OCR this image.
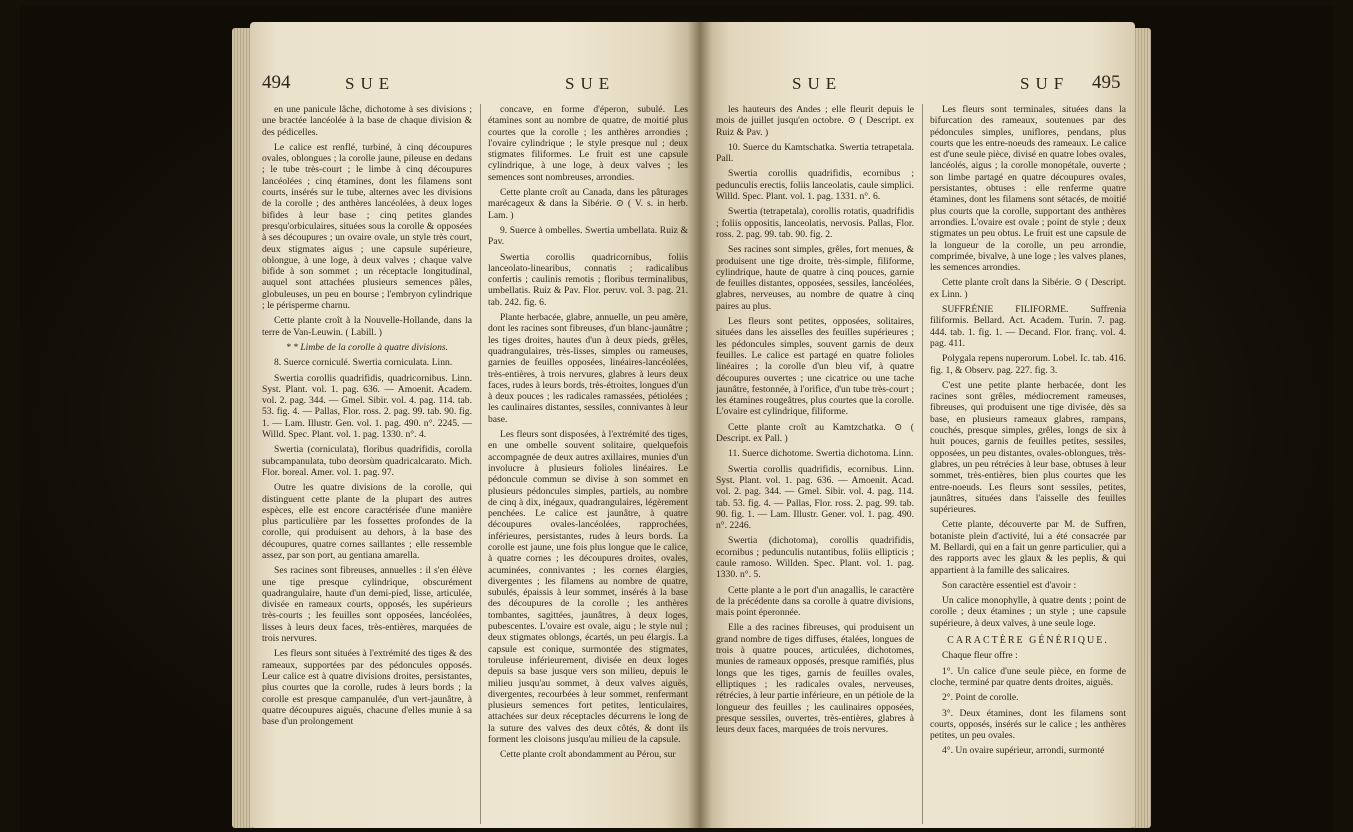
494	SUE	SUE

en une panicule lâche, dichotome à ses divisions ; une bractée lancéolée à la base de chaque division & des pédicelles.

Le calice est renflé, turbiné, à cinq découpures ovales, oblongues ; la corolle jaune, pileuse en dedans ; le tube très-court ; le limbe à cinq découpures lancéolées ; cinq étamines, dont les filamens sont courts, insérés sur le tube, alternes avec les divisions de la corolle ; des anthères lancéolées, à deux loges bifides à leur base ; cinq petites glandes presqu'orbiculaires, situées sous la corolle & opposées à ses découpures ; un ovaire ovale, un style très court, deux stigmates aigus ; une capsule supérieure, oblongue, à une loge, à deux valves ; chaque valve bifide à son sommet ; un réceptacle longitudinal, auquel sont attachées plusieurs semences pâles, globuleuses, un peu en bourse ; l'embryon cylindrique ; le périsperme charnu.

Cette plante croît à la Nouvelle-Hollande, dans la terre de Van-Leuwin. ( Labill. )

* * Limbe de la corolle à quatre divisions.

8. Suerce corniculé. Swertia corniculata. Linn.

Swertia corollis quadrifidis, quadricornibus. Linn. Syst. Plant. vol. 1. pag. 636. — Amoenit. Academ. vol. 2. pag. 344. — Gmel. Sibir. vol. 4. pag. 114. tab. 53. fig. 4. — Pallas, Flor. ross. 2. pag. 99. tab. 90. fig. 1. — Lam. Illustr. Gen. vol. 1. pag. 490. n°. 2245. — Willd. Spec. Plant. vol. 1. pag. 1330. n°. 4.

Swertia (corniculata), floribus quadrifidis, corolla subcampanulata, tubo deorsùm quadricalcarato. Mich. Flor. boreal. Amer. vol. 1. pag. 97.

Outre les quatre divisions de la corolle, qui distinguent cette plante de la plupart des autres espèces, elle est encore caractérisée d'une manière plus particulière par les fossettes profondes de la corolle, qui produisent au dehors, à la base des découpures, quatre cornes saillantes ; elle ressemble assez, par son port, au gentiana amarella.

Ses racines sont fibreuses, annuelles : il s'en élève une tige presque cylindrique, obscurément quadrangulaire, haute d'un demi-pied, lisse, articulée, divisée en rameaux courts, opposés, les supérieurs très-courts ; les feuilles sont opposées, lancéolées, lisses à leurs deux faces, très-entières, marquées de trois nervures.

Les fleurs sont situées à l'extrémité des tiges & des rameaux, supportées par des pédoncules opposés. Leur calice est à quatre divisions droites, persistantes, plus courtes que la corolle, rudes à leurs bords ; la corolle est presque campanulée, d'un vert-jaunâtre, à quatre découpures aiguës, chacune d'elles munie à sa base d'un prolongement

concave, en forme d'éperon, subulé. Les étamines sont au nombre de quatre, de moitié plus courtes que la corolle ; les anthères arrondies ; l'ovaire cylindrique ; le style presque nul ; deux stigmates filiformes. Le fruit est une capsule cylindrique, à une loge, à deux valves ; les semences sont nombreuses, arrondies.

Cette plante croît au Canada, dans les pâturages marécageux & dans la Sibérie. ⊙ ( V. s. in herb. Lam. )

9. Suerce à ombelles. Swertia umbellata. Ruiz & Pav.

Swertia corollis quadricornibus, foliis lanceolato-linearibus, connatis ; radicalibus confertis ; caulinis remotis ; floribus terminalibus, umbellatis. Ruiz & Pav. Flor. peruv. vol. 3. pag. 21. tab. 242. fig. 6.

Plante herbacée, glabre, annuelle, un peu amère, dont les racines sont fibreuses, d'un blanc-jaunâtre ; les tiges droites, hautes d'un à deux pieds, grêles, quadrangulaires, très-lisses, simples ou rameuses, garnies de feuilles opposées, linéaires-lancéolées, très-entières, à trois nervures, glabres à leurs deux faces, rudes à leurs bords, très-étroites, longues d'un à deux pouces ; les radicales ramassées, pétiolées ; les caulinaires distantes, sessiles, connivantes à leur base.

Les fleurs sont disposées, à l'extrémité des tiges, en une ombelle souvent solitaire, quelquefois accompagnée de deux autres axillaires, munies d'un involucre à plusieurs folioles linéaires. Le pédoncule commun se divise à son sommet en plusieurs pédoncules simples, partiels, au nombre de cinq à dix, inégaux, quadrangulaires, légèrement penchées. Le calice est jaunâtre, à quatre découpures ovales-lancéolées, rapprochées, inférieures, persistantes, rudes à leurs bords. La corolle est jaune, une fois plus longue que le calice, à quatre cornes ; les découpures droites, ovales, acuminées, connivantes ; les cornes élargies, divergentes ; les filamens au nombre de quatre, subulés, épaissis à leur sommet, insérés à la base des découpures de la corolle ; les anthères tombantes, sagittées, jaunâtres, à deux loges, pubescentes. L'ovaire est ovale, aigu ; le style nul ; deux stigmates oblongs, écartés, un peu élargis. La capsule est conique, surmontée des stigmates, toruleuse inférieurement, divisée en deux loges depuis sa base jusque vers son milieu, depuis le milieu jusqu'au sommet, à deux valves aiguës, divergentes, recourbées à leur sommet, renfermant plusieurs semences fort petites, lenticulaires, attachées sur deux réceptacles décurrens le long de la suture des valves des deux côtés, & dont ils forment les cloisons jusqu'au milieu de la capsule.

Cette plante croît abondamment au Pérou, sur

SUE	SUF 495

les hauteurs des Andes ; elle fleurit depuis le mois de juillet jusqu'en octobre. ⊙ ( Descript. ex Ruiz & Pav. )

10. Suerce du Kamtschatka. Swertia tetrapetala. Pall.

Swertia corollis quadrifidis, ecornibus ; pedunculis erectis, foliis lanceolatis, caule simplici. Willd. Spec. Plant. vol. 1. pag. 1331. n°. 6.

Swertia (tetrapetala), corollis rotatis, quadrifidis ; foliis oppositis, lanceolatis, nervosis. Pallas, Flor. ross. 2. pag. 99. tab. 90. fig. 2.

Ses racines sont simples, grêles, fort menues, & produisent une tige droite, très-simple, filiforme, cylindrique, haute de quatre à cinq pouces, garnie de feuilles distantes, opposées, sessiles, lancéolées, glabres, nerveuses, au nombre de quatre à cinq paires au plus.

Les fleurs sont petites, opposées, solitaires, situées dans les aisselles des feuilles supérieures ; les pédoncules simples, souvent garnis de deux feuilles. Le calice est partagé en quatre folioles linéaires ; la corolle d'un bleu vif, à quatre découpures ouvertes ; une cicatrice ou une tache jaunâtre, festonnée, à l'orifice, d'un tube très-court ; les étamines rougeâtres, plus courtes que la corolle. L'ovaire est cylindrique, filiforme.

Cette plante croît au Kamtzchatka. ⊙ ( Descript. ex Pall. )

11. Suerce dichotome. Swertia dichotoma. Linn.

Swertia corollis quadrifidis, ecornibus. Linn. Syst. Plant. vol. 1. pag. 636. — Amoenit. Acad. vol. 2. pag. 344. — Gmel. Sibir. vol. 4. pag. 114. tab. 53. fig. 4. — Pallas, Flor. ross. 2. pag. 99. tab. 90. fig. 1. — Lam. Illustr. Gener. vol. 1. pag. 490. n°. 2246.

Swertia (dichotoma), corollis quadrifidis, ecornibus ; pedunculis nutantibus, foliis ellipticis ; caule ramoso. Willden. Spec. Plant. vol. 1. pag. 1330. n°. 5.

Cette plante a le port d'un anagallis, le caractère de la précédente dans sa corolle à quatre divisions, mais point éperonnée.

Elle a des racines fibreuses, qui produisent un grand nombre de tiges diffuses, étalées, longues de trois à quatre pouces, articulées, dichotomes, munies de rameaux opposés, presque ramifiés, plus longs que les tiges, garnis de feuilles ovales, elliptiques ; les radicales ovales, nerveuses, rétrécies, à leur partie inférieure, en un pétiole de la longueur des feuilles ; les caulinaires opposées, presque sessiles, ouvertes, très-entières, glabres à leurs deux faces, marquées de trois nervures.

Les fleurs sont terminales, situées dans la bifurcation des rameaux, soutenues par des pédoncules simples, uniflores, pendans, plus courts que les entre-noeuds des rameaux. Le calice est d'une seule pièce, divisé en quatre lobes ovales, lancéolés, aigus ; la corolle monopétale, ouverte ; son limbe partagé en quatre découpures ovales, persistantes, obtuses : elle renferme quatre étamines, dont les filamens sont sétacés, de moitié plus courts que la corolle, supportant des anthères arrondies. L'ovaire est ovale ; point de style ; deux stigmates un peu obtus. Le fruit est une capsule de la longueur de la corolle, un peu arrondie, comprimée, bivalve, à une loge ; les valves planes, les semences arrondies.

Cette plante croît dans la Sibérie. ⊙ ( Descript. ex Linn. )

SUFFRÉNIE FILIFORME. Suffrenia filiformis. Bellard. Act. Academ. Turin. 7. pag. 444. tab. 1. fig. 1. — Decand. Flor. franç. vol. 4. pag. 411.

Polygala repens nuperorum. Lobel. Ic. tab. 416. fig. 1, & Observ. pag. 227. fig. 3.

C'est une petite plante herbacée, dont les racines sont grêles, médiocrement rameuses, fibreuses, qui produisent une tige divisée, dès sa base, en plusieurs rameaux glabres, rampans, couchés, presque simples, grêles, longs de six à huit pouces, garnis de feuilles petites, sessiles, opposées, un peu distantes, ovales-oblongues, très-glabres, un peu rétrécies à leur base, obtuses à leur sommet, très-entières, bien plus courtes que les entre-noeuds. Les fleurs sont sessiles, petites, jaunâtres, situées dans l'aisselle des feuilles supérieures.

Cette plante, découverte par M. de Suffren, botaniste plein d'activité, lui a été consacrée par M. Bellardi, qui en a fait un genre particulier, qui a des rapports avec les glaux & les peplis, & qui appartient à la famille des salicaires.

Son caractère essentiel est d'avoir :

Un calice monophylle, à quatre dents ; point de corolle ; deux étamines ; un style ; une capsule supérieure, à deux valves, à une seule loge.

CARACTÈRE GÉNÉRIQUE.

Chaque fleur offre :

1°. Un calice d'une seule pièce, en forme de cloche, terminé par quatre dents droites, aiguës.

2°. Point de corolle.

3°. Deux étamines, dont les filamens sont courts, opposés, insérés sur le calice ; les anthères petites, un peu ovales.

4°. Un ovaire supérieur, arrondi, surmonté
